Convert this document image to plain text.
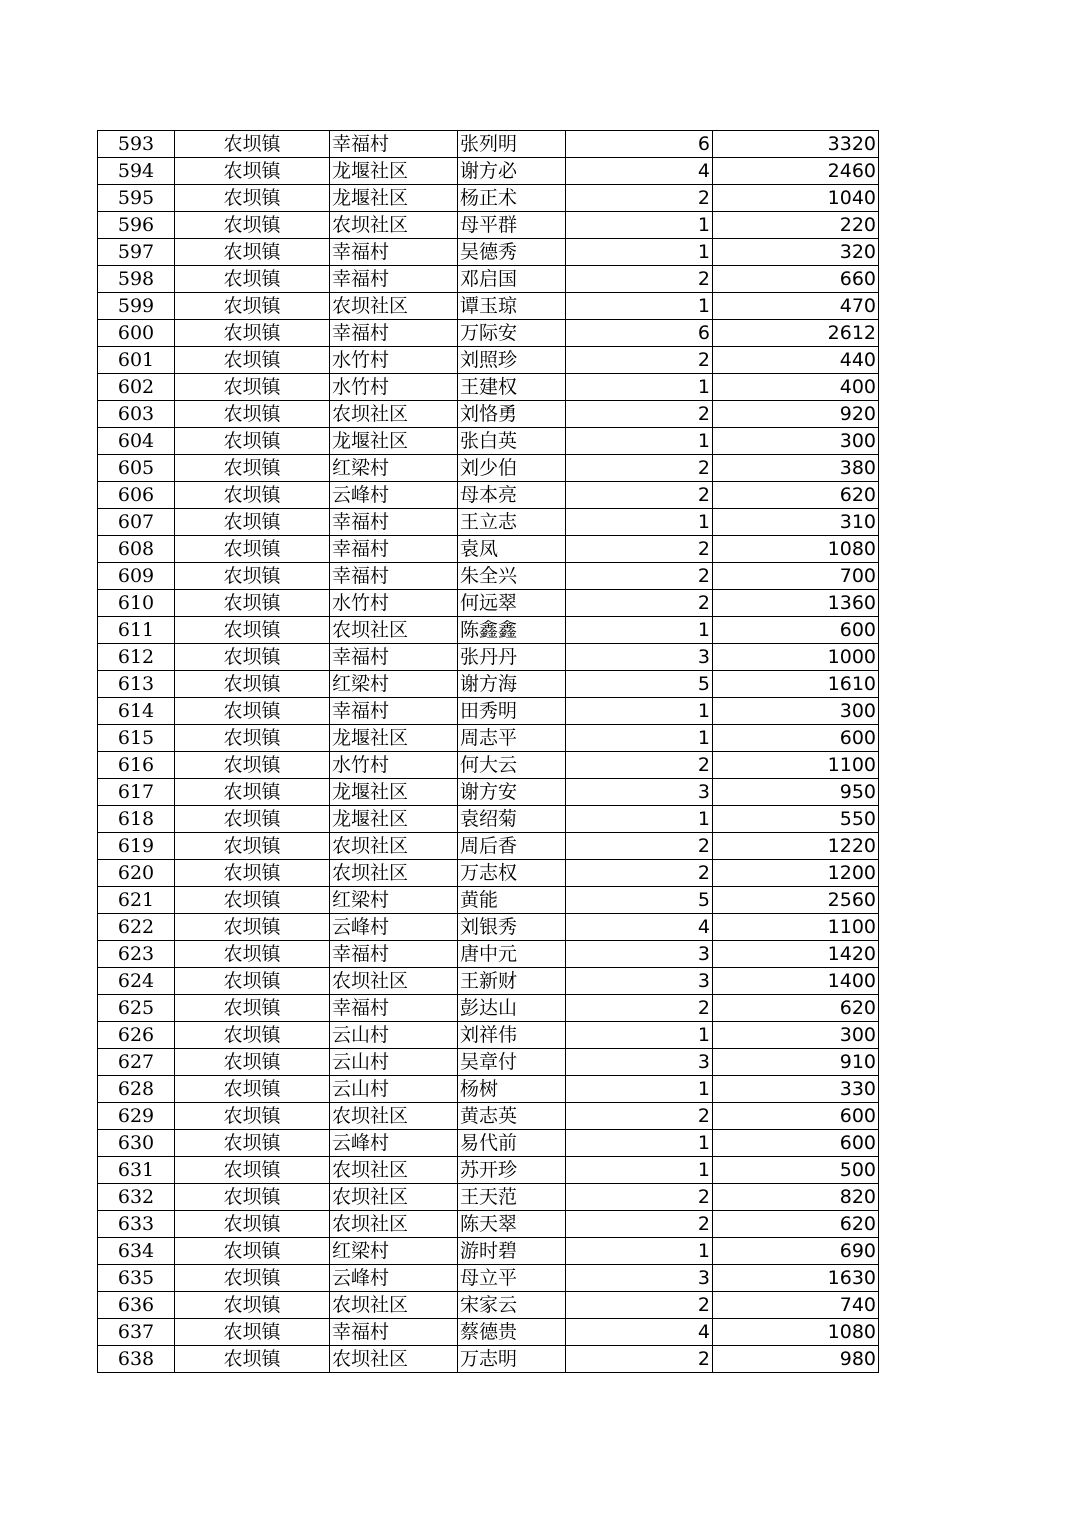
593	农坝镇	幸福村	张列明	6	3320
594	农坝镇	龙堰社区	谢方必	4	2460
595	农坝镇	龙堰社区	杨正术	2	1040
596	农坝镇	农坝社区	母平群	1	220
597	农坝镇	幸福村	吴德秀	1	320
598	农坝镇	幸福村	邓启国	2	660
599	农坝镇	农坝社区	谭玉琼	1	470
600	农坝镇	幸福村	万际安	6	2612
601	农坝镇	水竹村	刘照珍	2	440
602	农坝镇	水竹村	王建权	1	400
603	农坝镇	农坝社区	刘恪勇	2	920
604	农坝镇	龙堰社区	张白英	1	300
605	农坝镇	红梁村	刘少伯	2	380
606	农坝镇	云峰村	母本亮	2	620
607	农坝镇	幸福村	王立志	1	310
608	农坝镇	幸福村	袁凤	2	1080
609	农坝镇	幸福村	朱全兴	2	700
610	农坝镇	水竹村	何远翠	2	1360
611	农坝镇	农坝社区	陈鑫鑫	1	600
612	农坝镇	幸福村	张丹丹	3	1000
613	农坝镇	红梁村	谢方海	5	1610
614	农坝镇	幸福村	田秀明	1	300
615	农坝镇	龙堰社区	周志平	1	600
616	农坝镇	水竹村	何大云	2	1100
617	农坝镇	龙堰社区	谢方安	3	950
618	农坝镇	龙堰社区	袁绍菊	1	550
619	农坝镇	农坝社区	周后香	2	1220
620	农坝镇	农坝社区	万志权	2	1200
621	农坝镇	红梁村	黄能	5	2560
622	农坝镇	云峰村	刘银秀	4	1100
623	农坝镇	幸福村	唐中元	3	1420
624	农坝镇	农坝社区	王新财	3	1400
625	农坝镇	幸福村	彭达山	2	620
626	农坝镇	云山村	刘祥伟	1	300
627	农坝镇	云山村	吴章付	3	910
628	农坝镇	云山村	杨树	1	330
629	农坝镇	农坝社区	黄志英	2	600
630	农坝镇	云峰村	易代前	1	600
631	农坝镇	农坝社区	苏开珍	1	500
632	农坝镇	农坝社区	王天范	2	820
633	农坝镇	农坝社区	陈天翠	2	620
634	农坝镇	红梁村	游时碧	1	690
635	农坝镇	云峰村	母立平	3	1630
636	农坝镇	农坝社区	宋家云	2	740
637	农坝镇	幸福村	蔡德贵	4	1080
638	农坝镇	农坝社区	万志明	2	980
